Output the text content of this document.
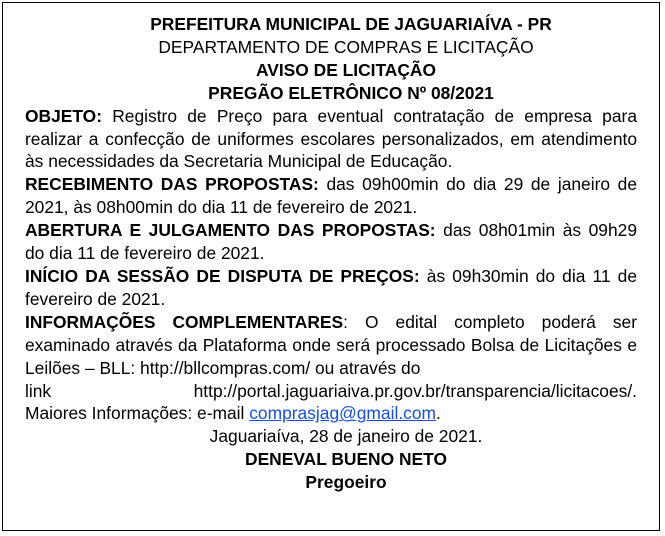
PREFEITURA MUNICIPAL DE JAGUARIAÍVA - PR

DEPARTAMENTO DE COMPRAS E LICITAÇÃO

AVISO DE LICITAÇÃO

PREGÃO ELETRÔNICO Nº 08/2021

OBJETO: Registro de Preço para eventual contratação de empresa para realizar a confecção de uniformes escolares personalizados, em atendimento às necessidades da Secretaria Municipal de Educação.

RECEBIMENTO DAS PROPOSTAS: das 09h00min do dia 29 de janeiro de 2021, às 08h00min do dia 11 de fevereiro de 2021.

ABERTURA E JULGAMENTO DAS PROPOSTAS: das 08h01min às 09h29 do dia 11 de fevereiro de 2021.

INÍCIO DA SESSÃO DE DISPUTA DE PREÇOS: às 09h30min do dia 11 de fevereiro de 2021.

INFORMAÇÕES COMPLEMENTARES: O edital completo poderá ser examinado através da Plataforma onde será processado Bolsa de Licitações e Leilões – BLL: http://bllcompras.com/ ou através do

link	http://portal.jaguariaiva.pr.gov.br/transparencia/licitacoes/.

Maiores Informações: e-mail comprasjag@gmail.com.

Jaguariaíva, 28 de janeiro de 2021.

DENEVAL BUENO NETO

Pregoeiro
